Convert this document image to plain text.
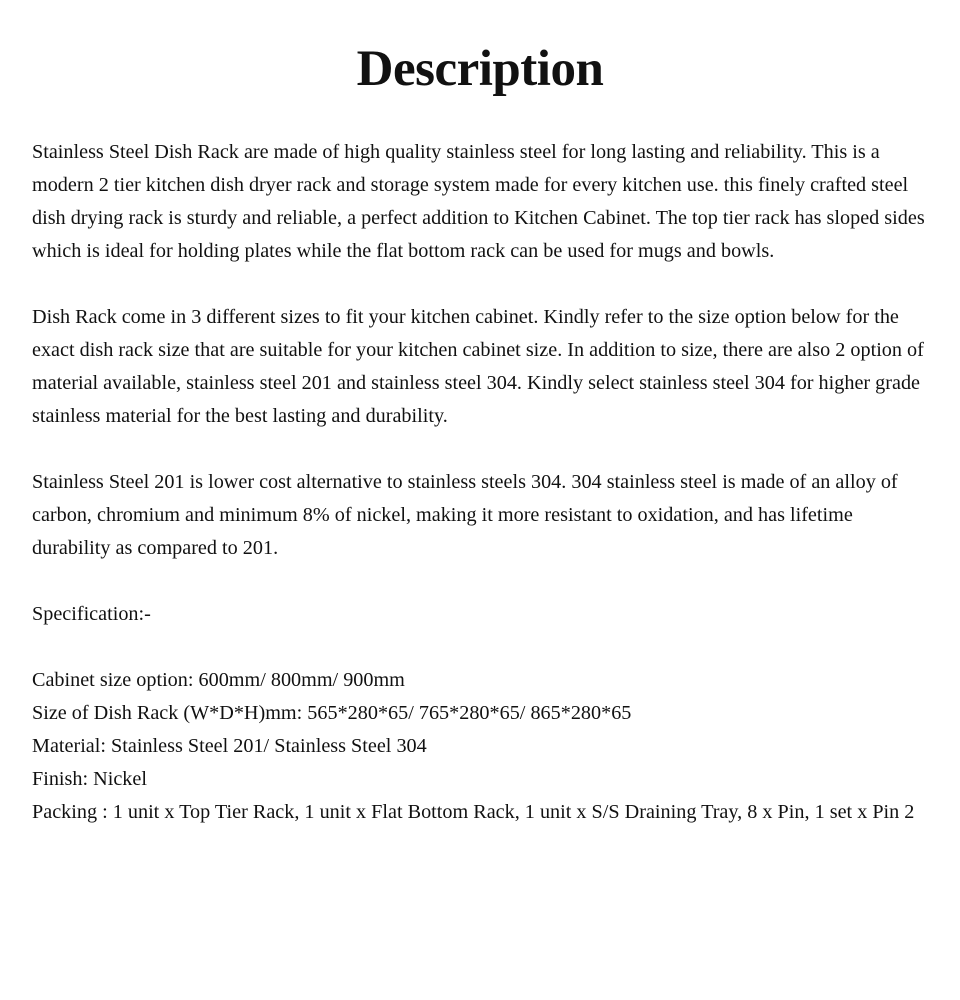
Description

Stainless Steel Dish Rack are made of high quality stainless steel for long lasting and reliability. This is a modern 2 tier kitchen dish dryer rack and storage system made for every kitchen use. this finely crafted steel dish drying rack is sturdy and reliable, a perfect addition to Kitchen Cabinet. The top tier rack has sloped sides which is ideal for holding plates while the flat bottom rack can be used for mugs and bowls.

Dish Rack come in 3 different sizes to fit your kitchen cabinet. Kindly refer to the size option below for the exact dish rack size that are suitable for your kitchen cabinet size. In addition to size, there are also 2 option of material available, stainless steel 201 and stainless steel 304. Kindly select stainless steel 304 for higher grade stainless material for the best lasting and durability.

Stainless Steel 201 is lower cost alternative to stainless steels 304. 304 stainless steel is made of an alloy of carbon, chromium and minimum 8% of nickel, making it more resistant to oxidation, and has lifetime durability as compared to 201.

Specification:-

Cabinet size option: 600mm/ 800mm/ 900mm
Size of Dish Rack (W*D*H)mm: 565*280*65/ 765*280*65/ 865*280*65
Material: Stainless Steel 201/ Stainless Steel 304
Finish: Nickel
Packing : 1 unit x Top Tier Rack, 1 unit x Flat Bottom Rack, 1 unit x S/S Draining Tray, 8 x Pin, 1 set x Pin 2
